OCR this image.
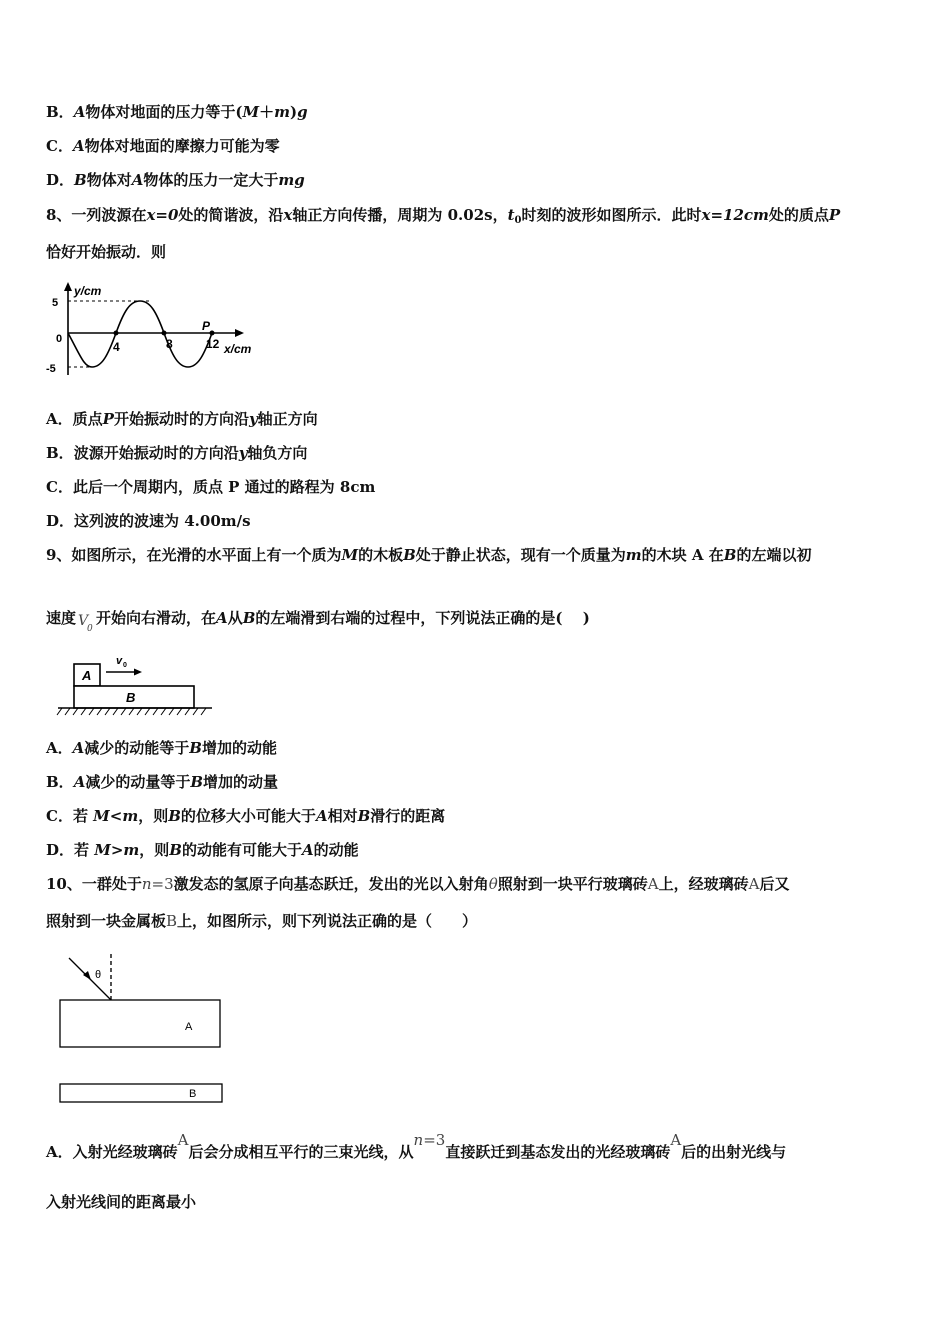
B．A物体对地面的压力等于(M＋m)g
C．A物体对地面的摩擦力可能为零
D．B物体对A物体的压力一定大于mg
8、一列波源在x=0处的简谐波，沿x轴正方向传播，周期为 0.02s，$t_0$时刻的波形如图所示．此时x=12cm处的质点P
恰好开始振动．则
y/cm
5
-5
0
4	8	12
P
x/cm
A．质点P开始振动时的方向沿y轴正方向
B．波源开始振动时的方向沿y轴负方向
C．此后一个周期内，质点 P 通过的路程为 8cm
D．这列波的波速为 4.00m/s
9、如图所示，在光滑的水平面上有一个质为M的木板B处于静止状态，现有一个质量为m的木块 A 在B的左端以初
速度 V
0
开始向右滑动，在A从B的左端滑到右端的过程中，下列说法正确的是(　 )
A
B
v 0
A．A减少的动能等于B增加的动能
B．A减少的动量等于B增加的动量
C．若 M<m，则B的位移大小可能大于A相对B滑行的距离
D．若 M>m，则B的动能有可能大于A的动能
10、一群处于n=3激发态的氢原子向基态跃迁，发出的光以入射角θ照射到一块平行玻璃砖A上，经玻璃砖A后又
照射到一块金属板B上，如图所示，则下列说法正确的是（　　）
θ
A
B
A．入射光经玻璃砖A后会分成相互平行的三束光线，从n=3直接跃迁到基态发出的光经玻璃砖A后的出射光线与
入射光线间的距离最小
